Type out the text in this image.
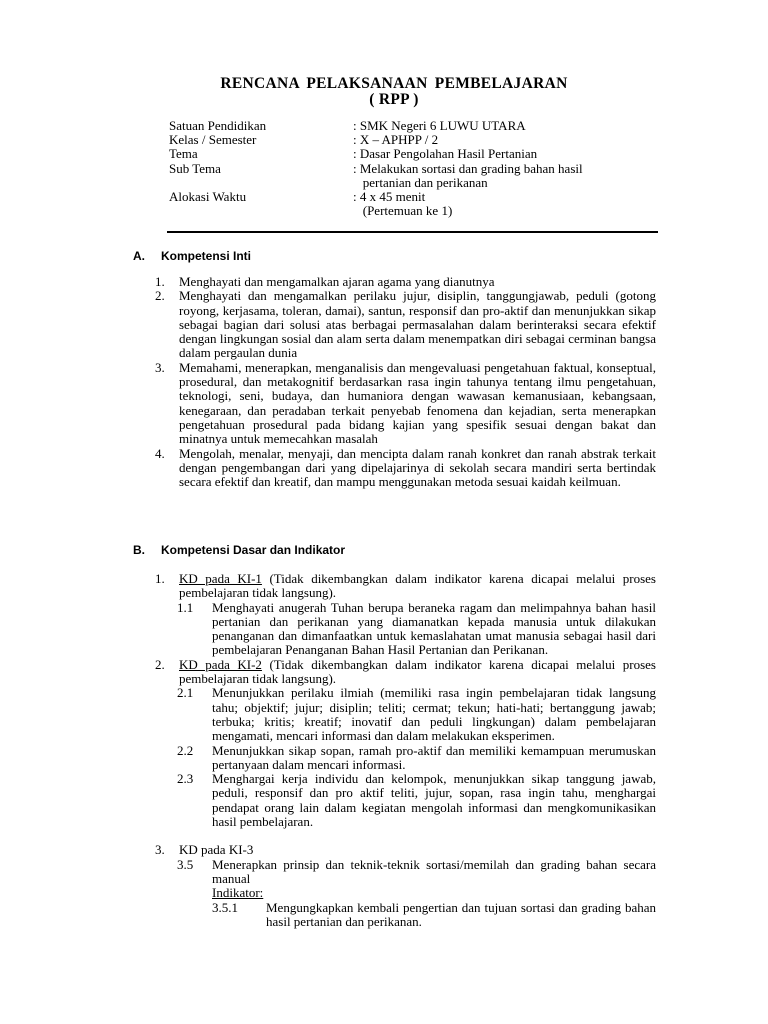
RENCANA PELAKSANAAN PEMBELAJARAN
( RPP )
Satuan Pendidikan	: SMK Negeri 6 LUWU UTARA
Kelas / Semester	: X – APHPP / 2
Tema	: Dasar Pengolahan Hasil Pertanian
Sub Tema	: Melakukan sortasi dan grading bahan hasil
pertanian dan perikanan
Alokasi Waktu	: 4 x 45 menit
(Pertemuan ke 1)
A. Kompetensi Inti
1. Menghayati dan mengamalkan ajaran agama yang dianutnya
2. Menghayati dan mengamalkan perilaku jujur, disiplin, tanggungjawab, peduli (gotong royong, kerjasama, toleran, damai), santun, responsif dan pro-aktif dan menunjukkan sikap sebagai bagian dari solusi atas berbagai permasalahan dalam berinteraksi secara efektif dengan lingkungan sosial dan alam serta dalam menempatkan diri sebagai cerminan bangsa dalam pergaulan dunia
3. Memahami, menerapkan, menganalisis dan mengevaluasi pengetahuan faktual, konseptual, prosedural, dan metakognitif berdasarkan rasa ingin tahunya tentang ilmu pengetahuan, teknologi, seni, budaya, dan humaniora dengan wawasan kemanusiaan, kebangsaan, kenegaraan, dan peradaban terkait penyebab fenomena dan kejadian, serta menerapkan pengetahuan prosedural pada bidang kajian yang spesifik sesuai dengan bakat dan minatnya untuk memecahkan masalah
4. Mengolah, menalar, menyaji, dan mencipta dalam ranah konkret dan ranah abstrak terkait dengan pengembangan dari yang dipelajarinya di sekolah secara mandiri serta bertindak secara efektif dan kreatif, dan mampu menggunakan metoda sesuai kaidah keilmuan.
B. Kompetensi Dasar dan Indikator
1. KD pada KI-1 (Tidak dikembangkan dalam indikator karena dicapai melalui proses pembelajaran tidak langsung).
1.1 Menghayati anugerah Tuhan berupa beraneka ragam dan melimpahnya bahan hasil pertanian dan perikanan yang diamanatkan kepada manusia untuk dilakukan penanganan dan dimanfaatkan untuk kemaslahatan umat manusia sebagai hasil dari pembelajaran Penanganan Bahan Hasil Pertanian dan Perikanan.
2. KD pada KI-2 (Tidak dikembangkan dalam indikator karena dicapai melalui proses pembelajaran tidak langsung).
2.1 Menunjukkan perilaku ilmiah (memiliki rasa ingin pembelajaran tidak langsung tahu; objektif; jujur; disiplin; teliti; cermat; tekun; hati-hati; bertanggung jawab; terbuka; kritis; kreatif; inovatif dan peduli lingkungan) dalam pembelajaran mengamati, mencari informasi dan dalam melakukan eksperimen.
2.2 Menunjukkan sikap sopan, ramah pro-aktif dan memiliki kemampuan merumuskan pertanyaan dalam mencari informasi.
2.3 Menghargai kerja individu dan kelompok, menunjukkan sikap tanggung jawab, peduli, responsif dan pro aktif teliti, jujur, sopan, rasa ingin tahu, menghargai pendapat orang lain dalam kegiatan mengolah informasi dan mengkomunikasikan hasil pembelajaran.
3. KD pada KI-3
3.5 Menerapkan prinsip dan teknik-teknik sortasi/memilah dan grading bahan secara manual
Indikator:
3.5.1 Mengungkapkan kembali pengertian dan tujuan sortasi dan grading bahan hasil pertanian dan perikanan.
